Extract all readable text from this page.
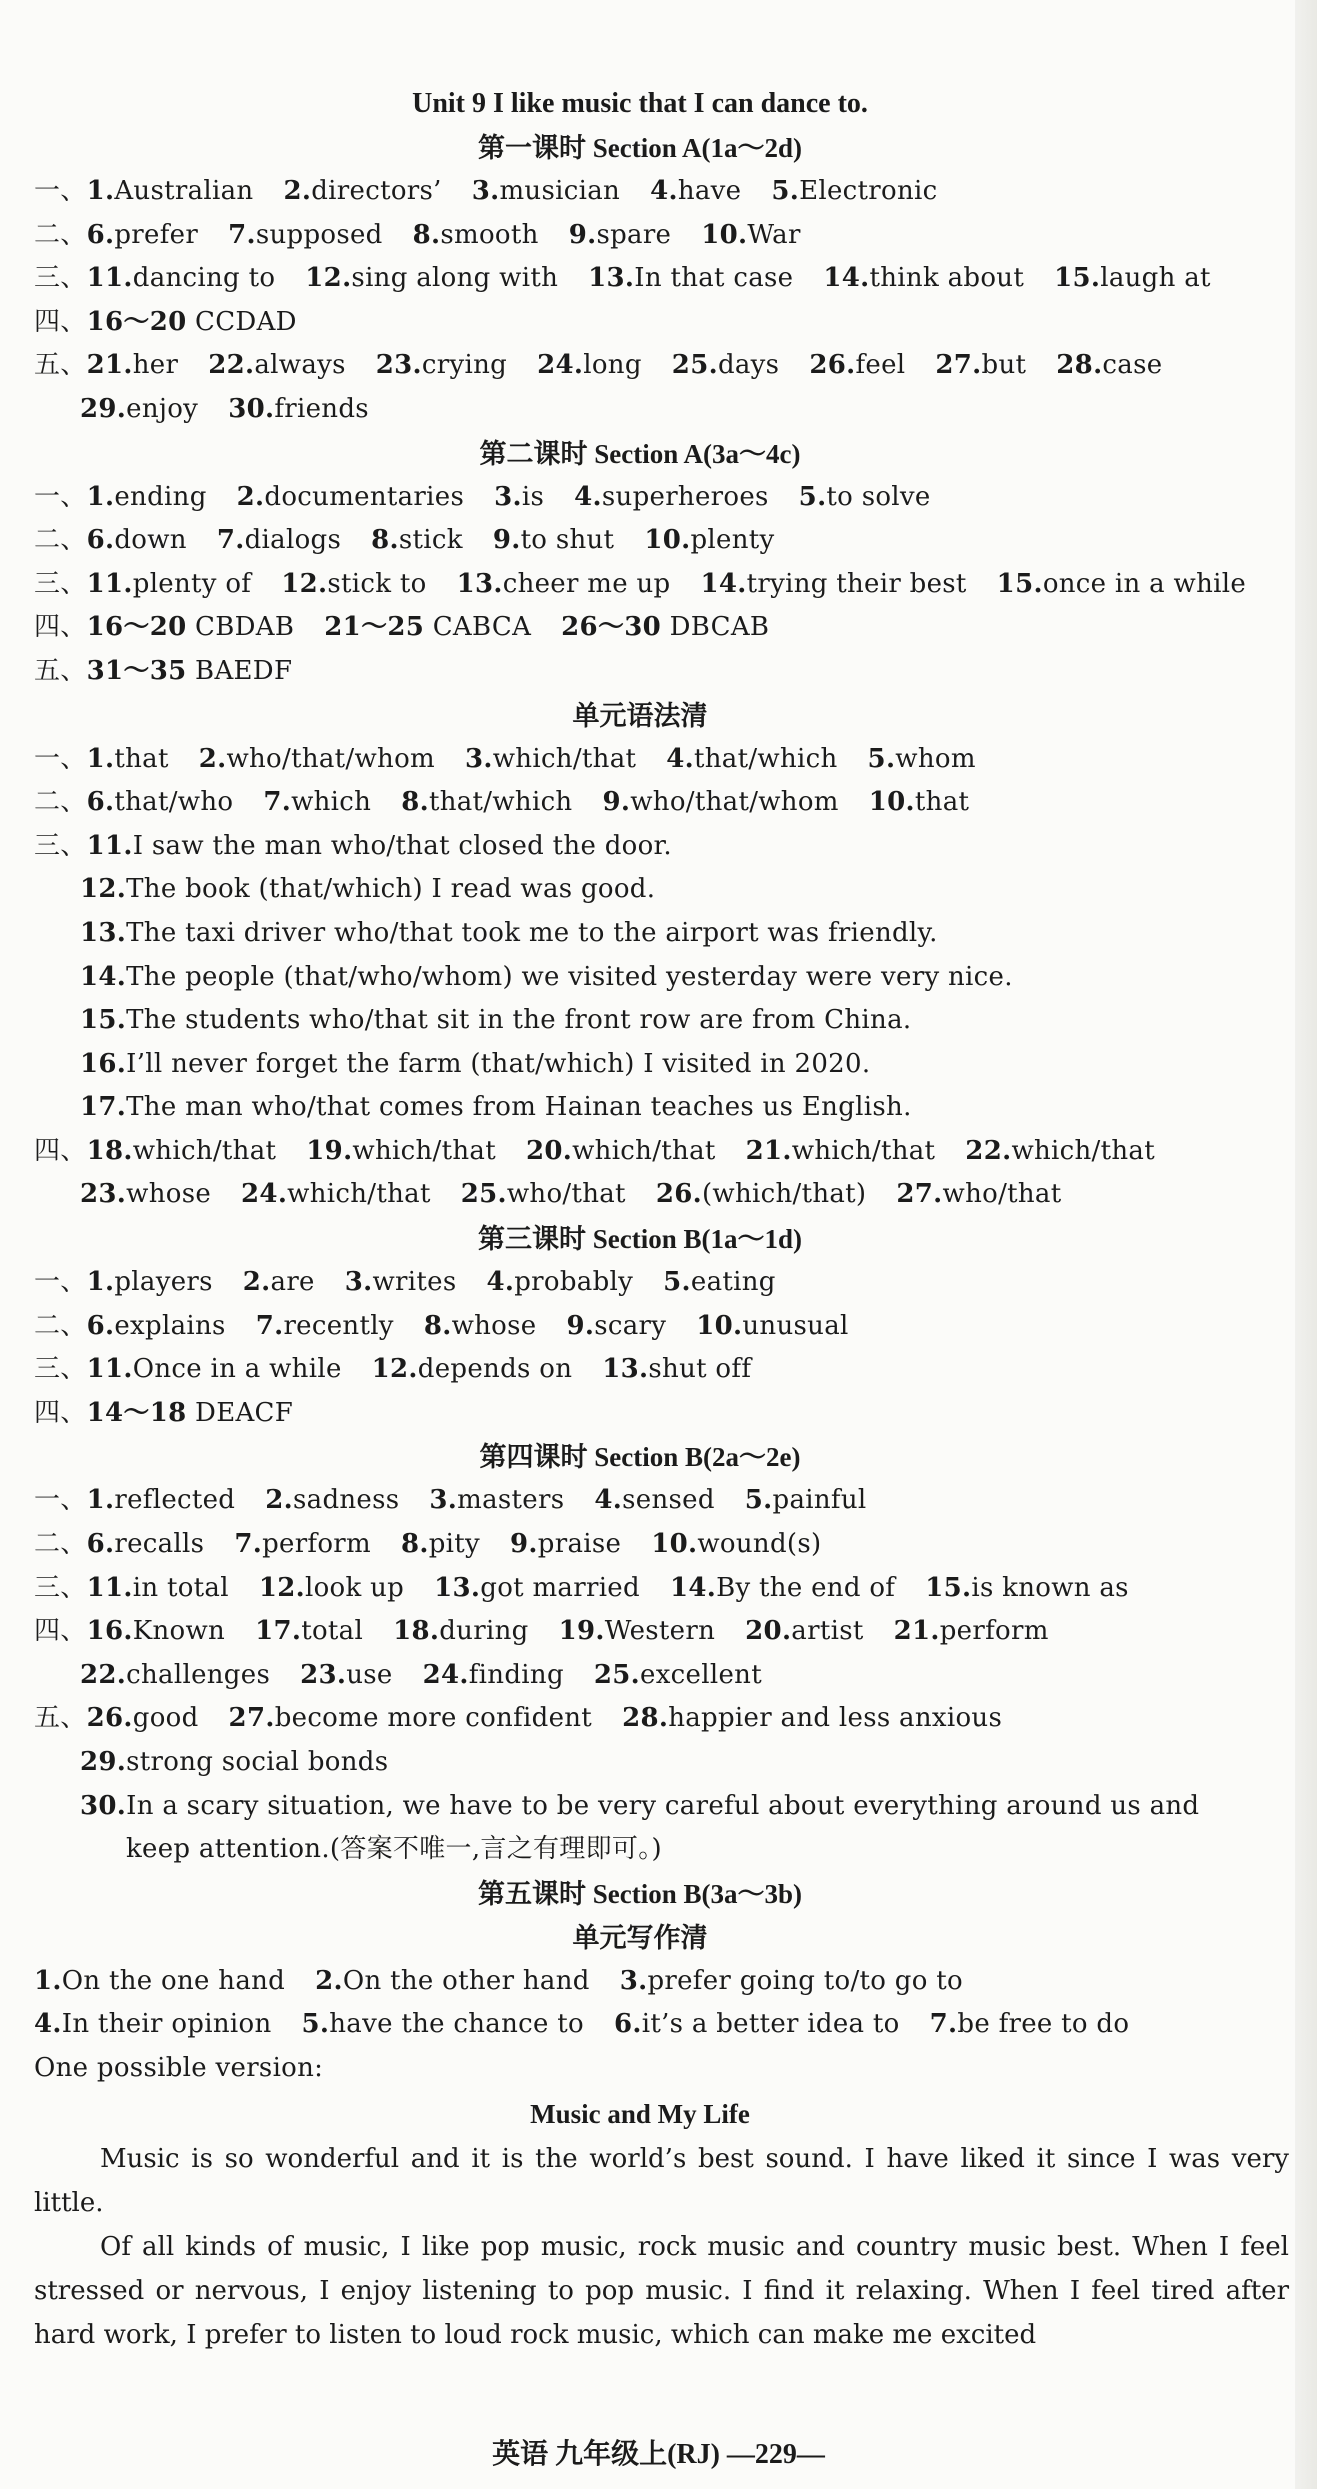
Unit 9 I like music that I can dance to.
第一课时 Section A(1a～2d)
一、1.Australian 2.directors’ 3.musician 4.have 5.Electronic
二、6.prefer 7.supposed 8.smooth 9.spare 10.War
三、11.dancing to 12.sing along with 13.In that case 14.think about 15.laugh at
四、16～20 CCDAD
五、21.her 22.always 23.crying 24.long 25.days 26.feel 27.but 28.case
29.enjoy 30.friends
第二课时 Section A(3a～4c)
一、1.ending 2.documentaries 3.is 4.superheroes 5.to solve
二、6.down 7.dialogs 8.stick 9.to shut 10.plenty
三、11.plenty of 12.stick to 13.cheer me up 14.trying their best 15.once in a while
四、16～20 CBDAB 21～25 CABCA 26～30 DBCAB
五、31～35 BAEDF
单元语法清
一、1.that 2.who/that/whom 3.which/that 4.that/which 5.whom
二、6.that/who 7.which 8.that/which 9.who/that/whom 10.that
三、11.I saw the man who/that closed the door.
12.The book (that/which) I read was good.
13.The taxi driver who/that took me to the airport was friendly.
14.The people (that/who/whom) we visited yesterday were very nice.
15.The students who/that sit in the front row are from China.
16.I’ll never forget the farm (that/which) I visited in 2020.
17.The man who/that comes from Hainan teaches us English.
四、18.which/that 19.which/that 20.which/that 21.which/that 22.which/that
23.whose 24.which/that 25.who/that 26.(which/that) 27.who/that
第三课时 Section B(1a～1d)
一、1.players 2.are 3.writes 4.probably 5.eating
二、6.explains 7.recently 8.whose 9.scary 10.unusual
三、11.Once in a while 12.depends on 13.shut off
四、14～18 DEACF
第四课时 Section B(2a～2e)
一、1.reflected 2.sadness 3.masters 4.sensed 5.painful
二、6.recalls 7.perform 8.pity 9.praise 10.wound(s)
三、11.in total 12.look up 13.got married 14.By the end of 15.is known as
四、16.Known 17.total 18.during 19.Western 20.artist 21.perform
22.challenges 23.use 24.finding 25.excellent
五、26.good 27.become more confident 28.happier and less anxious
29.strong social bonds
30.In a scary situation, we have to be very careful about everything around us and
keep attention.(答案不唯一,言之有理即可。)
第五课时 Section B(3a～3b)
单元写作清
1.On the one hand 2.On the other hand 3.prefer going to/to go to
4.In their opinion 5.have the chance to 6.it’s a better idea to 7.be free to do
One possible version:
Music and My Life

Music is so wonderful and it is the world’s best sound. I have liked it since I was very little.

Of all kinds of music, I like pop music, rock music and country music best. When I feel stressed or nervous, I enjoy listening to pop music. I find it relaxing. When I feel tired after hard work, I prefer to listen to loud rock music, which can make me excited

英语 九年级上(RJ) —229—
